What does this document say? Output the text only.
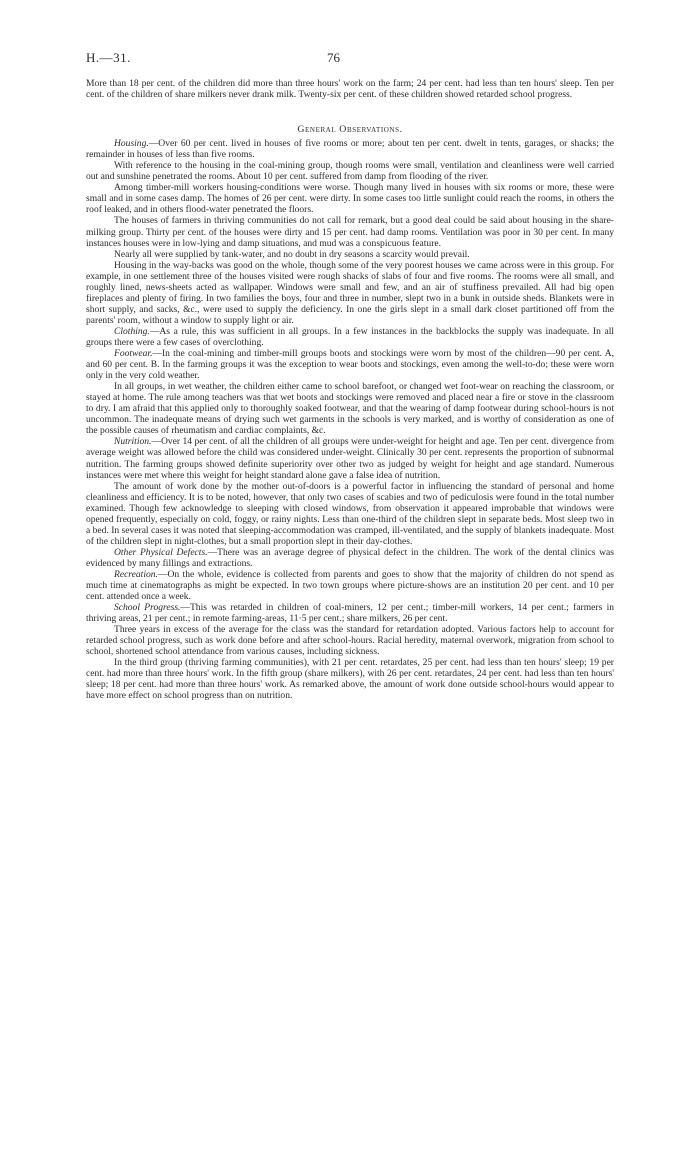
H.—31.	76

More than 18 per cent. of the children did more than three hours' work on the farm; 24 per cent. had less than ten hours' sleep. Ten per cent. of the children of share milkers never drank milk. Twenty-six per cent. of these children showed retarded school progress.

General Observations.

Housing.—Over 60 per cent. lived in houses of five rooms or more; about ten per cent. dwelt in tents, garages, or shacks; the remainder in houses of less than five rooms.

With reference to the housing in the coal-mining group, though rooms were small, ventilation and cleanliness were well carried out and sunshine penetrated the rooms. About 10 per cent. suffered from damp from flooding of the river.

Among timber-mill workers housing-conditions were worse. Though many lived in houses with six rooms or more, these were small and in some cases damp. The homes of 26 per cent. were dirty. In some cases too little sunlight could reach the rooms, in others the roof leaked, and in others flood-water penetrated the floors.

The houses of farmers in thriving communities do not call for remark, but a good deal could be said about housing in the share-milking group. Thirty per cent. of the houses were dirty and 15 per cent. had damp rooms. Ventilation was poor in 30 per cent. In many instances houses were in low-lying and damp situations, and mud was a conspicuous feature.

Nearly all were supplied by tank-water, and no doubt in dry seasons a scarcity would prevail.

Housing in the way-backs was good on the whole, though some of the very poorest houses we came across were in this group. For example, in one settlement three of the houses visited were rough shacks of slabs of four and five rooms. The rooms were all small, and roughly lined, news-sheets acted as wallpaper. Windows were small and few, and an air of stuffiness prevailed. All had big open fireplaces and plenty of firing. In two families the boys, four and three in number, slept two in a bunk in outside sheds. Blankets were in short supply, and sacks, &c., were used to supply the deficiency. In one the girls slept in a small dark closet partitioned off from the parents' room, without a window to supply light or air.

Clothing.—As a rule, this was sufficient in all groups. In a few instances in the backblocks the supply was inadequate. In all groups there were a few cases of overclothing.

Footwear.—In the coal-mining and timber-mill groups boots and stockings were worn by most of the children—90 per cent. A, and 60 per cent. B. In the farming groups it was the exception to wear boots and stockings, even among the well-to-do; these were worn only in the very cold weather.

In all groups, in wet weather, the children either came to school barefoot, or changed wet foot-wear on reaching the classroom, or stayed at home. The rule among teachers was that wet boots and stockings were removed and placed near a fire or stove in the classroom to dry. I am afraid that this applied only to thoroughly soaked footwear, and that the wearing of damp footwear during school-hours is not uncommon. The inadequate means of drying such wet garments in the schools is very marked, and is worthy of consideration as one of the possible causes of rheumatism and cardiac complaints, &c.

Nutrition.—Over 14 per cent. of all the children of all groups were under-weight for height and age. Ten per cent. divergence from average weight was allowed before the child was considered under-weight. Clinically 30 per cent. represents the proportion of subnormal nutrition. The farming groups showed definite superiority over other two as judged by weight for height and age standard. Numerous instances were met where this weight for height standard alone gave a false idea of nutrition.

The amount of work done by the mother out-of-doors is a powerful factor in influencing the standard of personal and home cleanliness and efficiency. It is to be noted, however, that only two cases of scabies and two of pediculosis were found in the total number examined. Though few acknowledge to sleeping with closed windows, from observation it appeared improbable that windows were opened frequently, especially on cold, foggy, or rainy nights. Less than one-third of the children slept in separate beds. Most sleep two in a bed. In several cases it was noted that sleeping-accommodation was cramped, ill-ventilated, and the supply of blankets inadequate. Most of the children slept in night-clothes, but a small proportion slept in their day-clothes.

Other Physical Defects.—There was an average degree of physical defect in the children. The work of the dental clinics was evidenced by many fillings and extractions.

Recreation.—On the whole, evidence is collected from parents and goes to show that the majority of children do not spend as much time at cinematographs as might be expected. In two town groups where picture-shows are an institution 20 per cent. and 10 per cent. attended once a week.

School Progress.—This was retarded in children of coal-miners, 12 per cent.; timber-mill workers, 14 per cent.; farmers in thriving areas, 21 per cent.; in remote farming-areas, 11·5 per cent.; share milkers, 26 per cent.

Three years in excess of the average for the class was the standard for retardation adopted. Various factors help to account for retarded school progress, such as work done before and after school-hours. Racial heredity, maternal overwork, migration from school to school, shortened school attendance from various causes, including sickness.

In the third group (thriving farming communities), with 21 per cent. retardates, 25 per cent. had less than ten hours' sleep; 19 per cent. had more than three hours' work. In the fifth group (share milkers), with 26 per cent. retardates, 24 per cent. had less than ten hours' sleep; 18 per cent. had more than three hours' work. As remarked above, the amount of work done outside school-hours would appear to have more effect on school progress than on nutrition.
